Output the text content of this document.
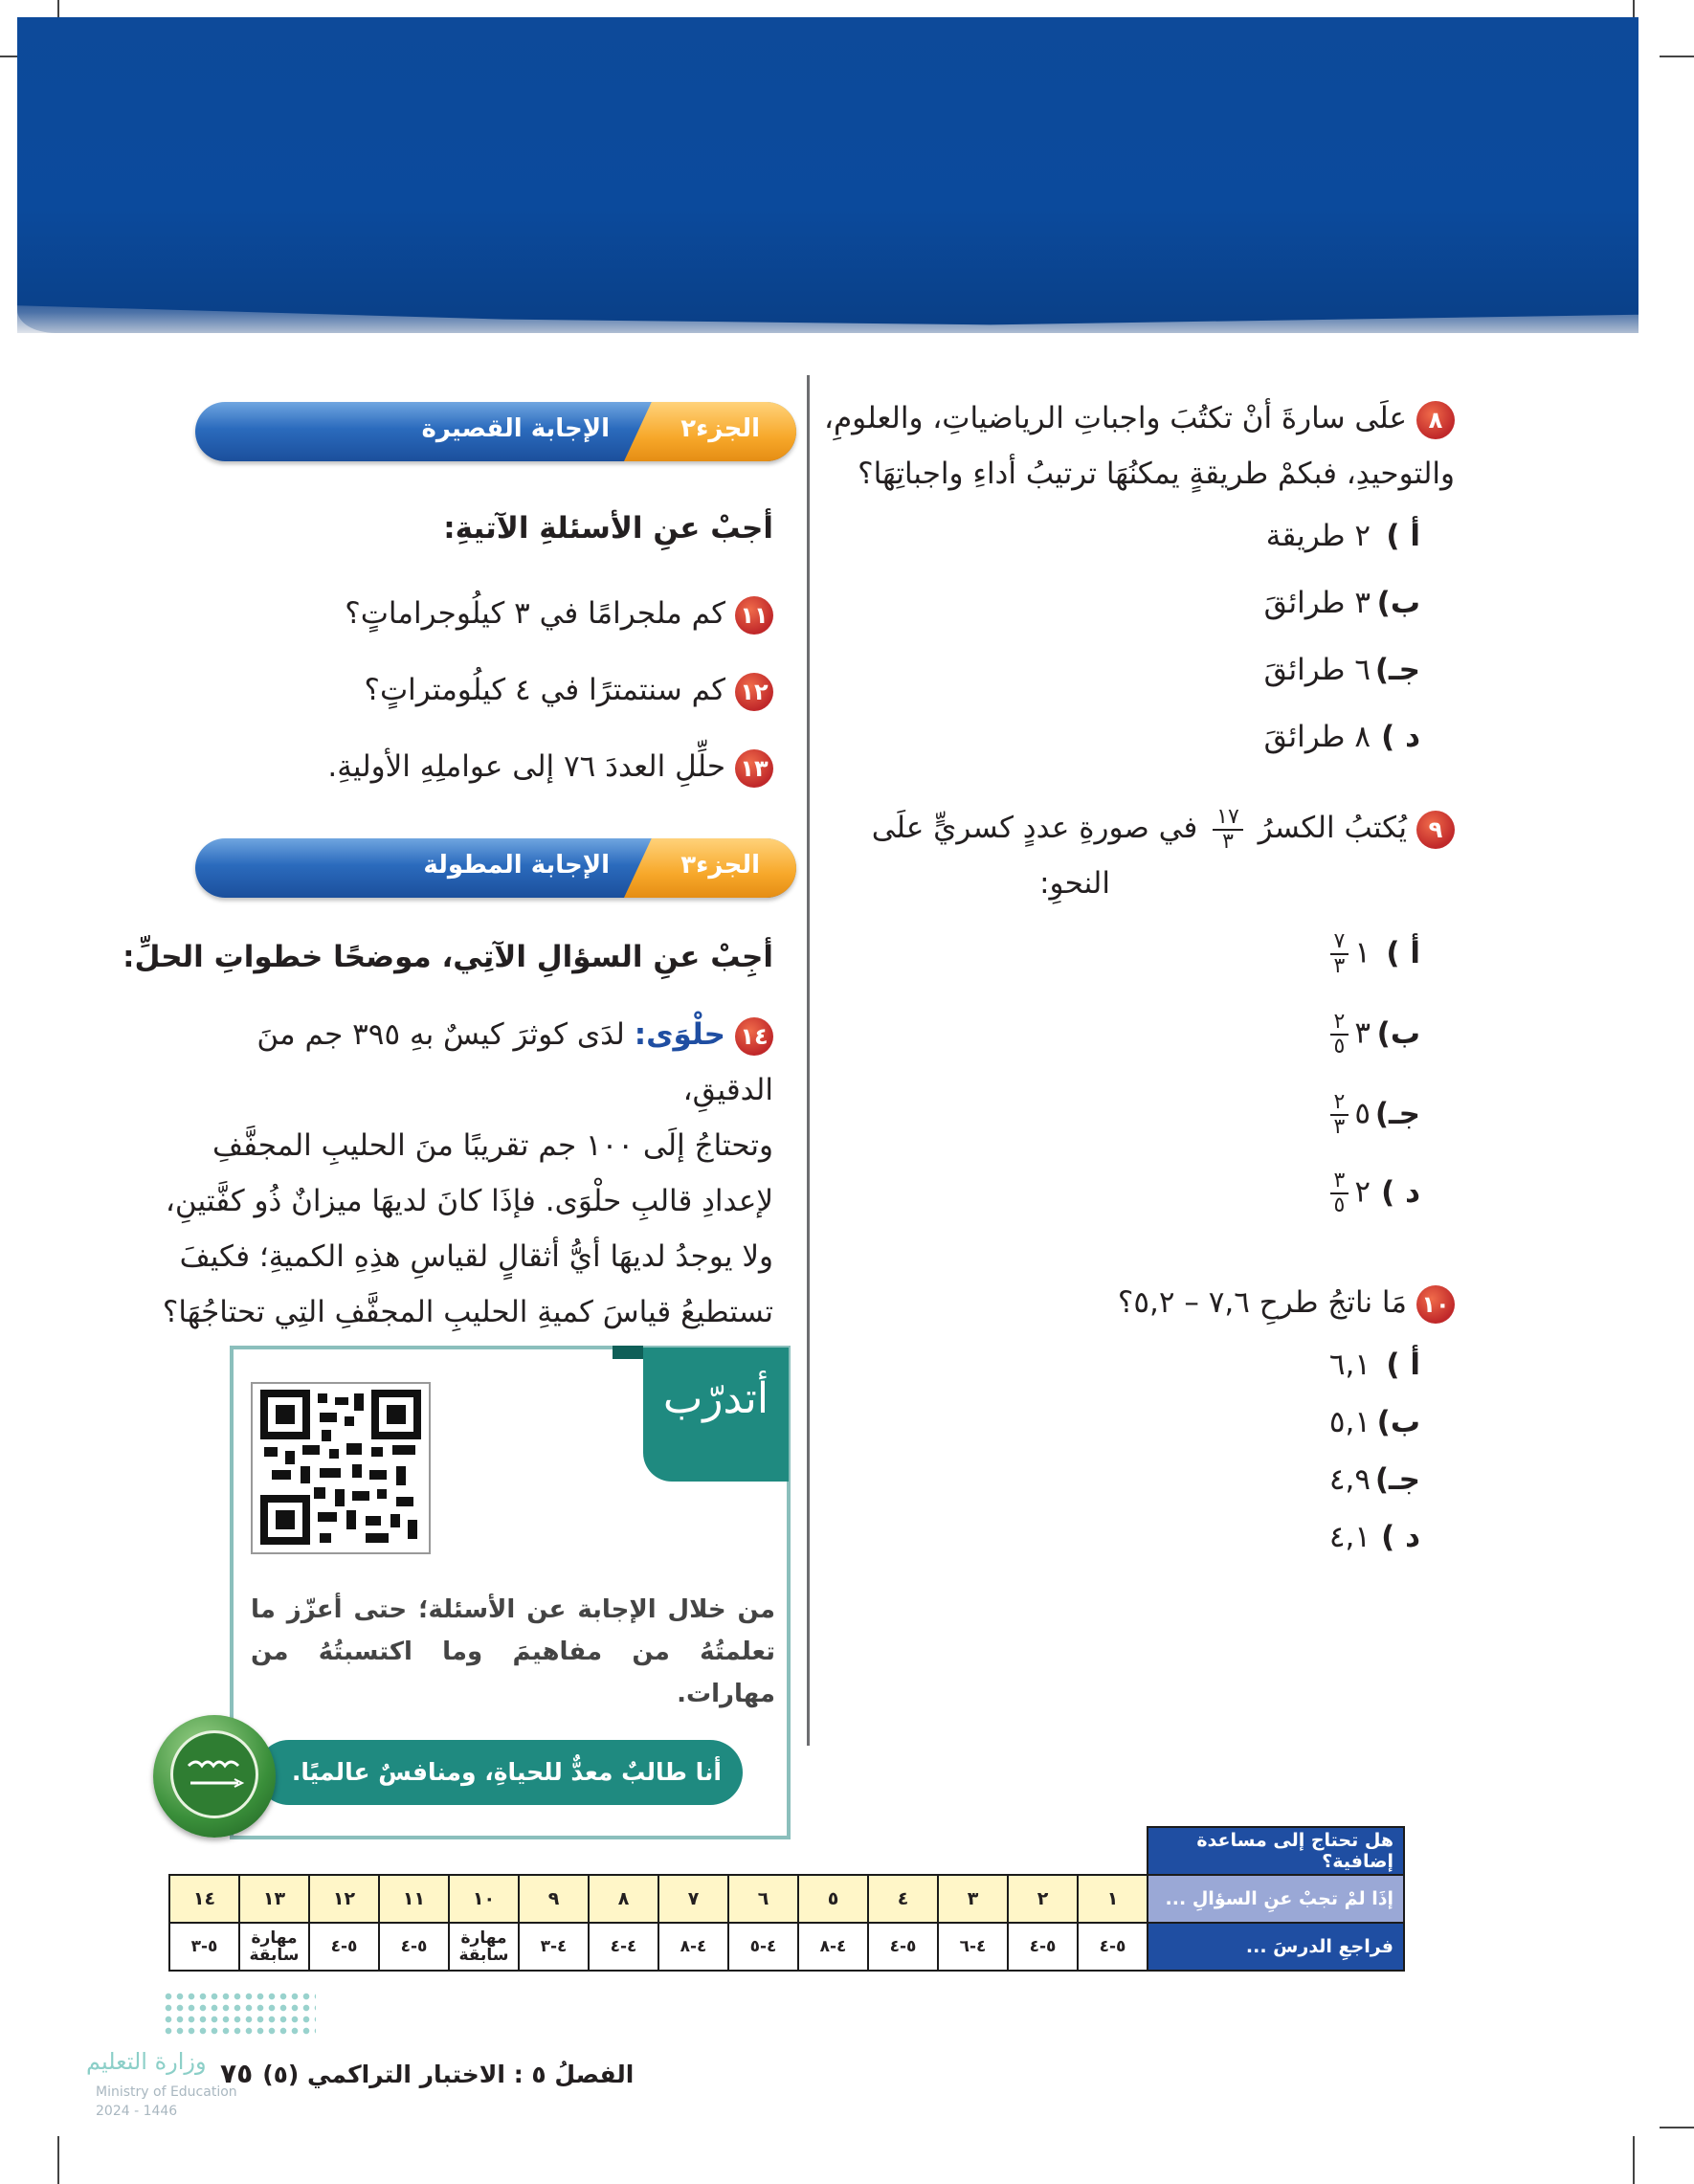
٨علَى سارةَ أنْ تكتُبَ واجباتِ الرياضياتِ، والعلومِ،
والتوحيدِ، فبكمْ طريقةٍ يمكنُهَا ترتيبُ أداءِ واجباتِهَا؟
أ )٢ طريقة
ب)٣ طرائقَ
جـ)٦ طرائقَ
د )٨ طرائقَ
٩يُكتبُ الكسرُ
$\frac{١٧}{٣}$
في صورةِ عددٍ كسريٍّ علَى
النحوِ:
أ )١
$\frac{٧}{٣}$
ب)٣
$\frac{٢}{٥}$
جـ)٥
$\frac{٢}{٣}$
د )٢
$\frac{٣}{٥}$
١٠مَا ناتجُ طرحِ ٧,٦ – ٥,٢؟
أ )٦,١
ب)٥,١
جـ)٤,٩
د )٤,١
الجزء٢
الإجابة القصيرة
أجبْ عنِ الأسئلةِ الآتيةِ:
١١كم ملجرامًا في ٣ كيلُوجراماتٍ؟
١٢كم سنتمترًا في ٤ كيلُومتراتٍ؟
١٣حلِّلِ العددَ ٧٦ إلى عواملِهِ الأوليةِ.
الجزء٣
الإجابة المطولة
أجِبْ عنِ السؤالِ الآتِي، موضحًا خطواتِ الحلِّ:
١٤حلْوَى: لدَى كوثرَ كيسٌ بهِ ٣٩٥ جم منَ الدقيقِ،
وتحتاجُ إلَى ١٠٠ جم تقريبًا منَ الحليبِ المجفَّفِ
لإعدادِ قالبِ حلْوَى. فإذَا كانَ لديهَا ميزانٌ ذُو كفَّتينِ،
ولا يوجدُ لديهَا أيُّ أثقالٍ لقياسِ هذِهِ الكميةِ؛ فكيفَ
تستطيعُ قياسَ كميةِ الحليبِ المجفَّفِ التِي تحتاجُهَا؟
أتدرّب
من خلال الإجابة عن الأسئلة؛ حتى أعزّز ما تعلمتُهُ من مفاهيمَ وما اكتسبتُهُ من مهارات.
أنا طالبٌ معدٌّ للحياةِ، ومنافسٌ عالميًا.
هل تحتاج إلى مساعدة إضافية؟														
إذَا لمْ تجبْ عنِ السؤالِ ...	١	٢	٣	٤	٥	٦	٧	٨	٩	١٠	١١	١٢	١٣	١٤
فراجعِ الدرسَ ...	٥-٤	٥-٤	٤-٦	٥-٤	٤-٨	٤-٥	٤-٨	٤-٤	٤-٣	مهارة سابقة	٥-٤	٥-٤	مهارة سابقة	٥-٣
وزارة التعليم
Ministry of Education
2024 - 1446
الفصلُ ٥ : الاختبار التراكمي (٥)٧٥
